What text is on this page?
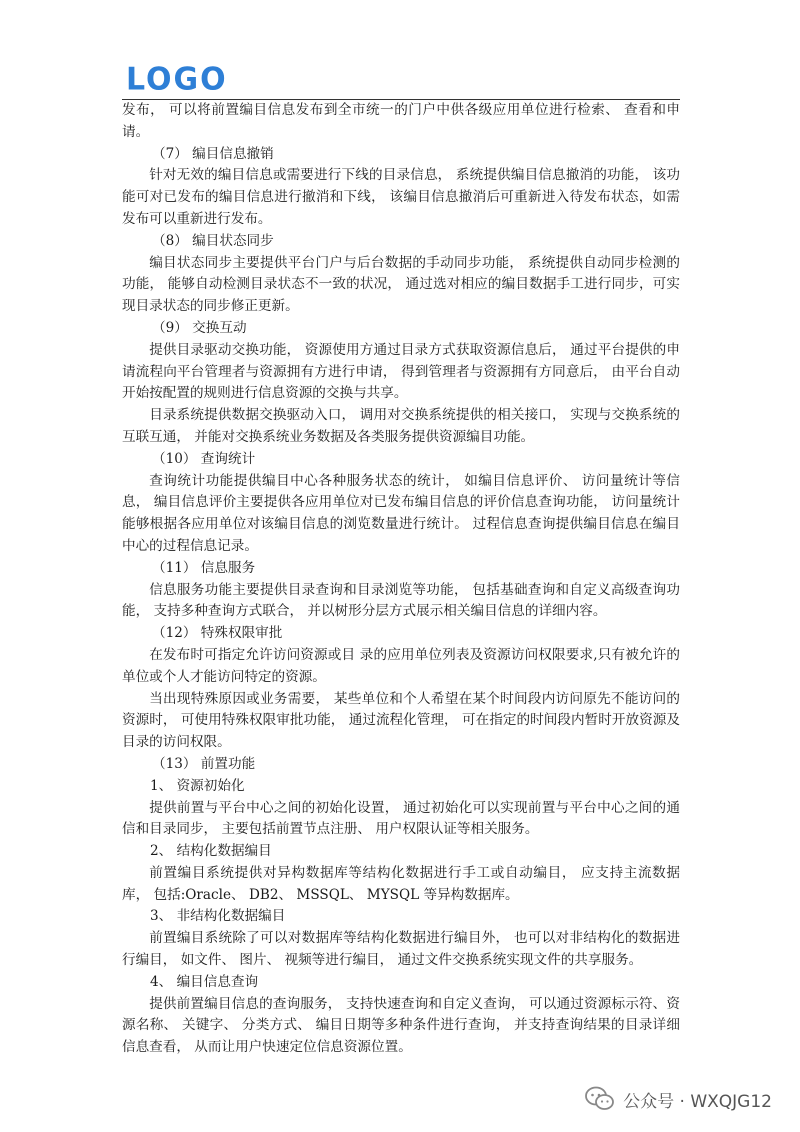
LOGO

发布， 可以将前置编目信息发布到全市统一的门户中供各级应用单位进行检索、 查看和申请。

（7） 编目信息撤销

针对无效的编目信息或需要进行下线的目录信息， 系统提供编目信息撤消的功能， 该功能可对已发布的编目信息进行撤消和下线， 该编目信息撤消后可重新进入待发布状态，如需发布可以重新进行发布。

（8） 编目状态同步

编目状态同步主要提供平台门户与后台数据的手动同步功能， 系统提供自动同步检测的功能， 能够自动检测目录状态不一致的状况， 通过选对相应的编目数据手工进行同步，可实现目录状态的同步修正更新。

（9） 交换互动

提供目录驱动交换功能， 资源使用方通过目录方式获取资源信息后， 通过平台提供的申请流程向平台管理者与资源拥有方进行申请， 得到管理者与资源拥有方同意后， 由平台自动开始按配置的规则进行信息资源的交换与共享。

目录系统提供数据交换驱动入口， 调用对交换系统提供的相关接口， 实现与交换系统的互联互通， 并能对交换系统业务数据及各类服务提供资源编目功能。

（10） 查询统计

查询统计功能提供编目中心各种服务状态的统计， 如编目信息评价、 访问量统计等信息， 编目信息评价主要提供各应用单位对已发布编目信息的评价信息查询功能， 访问量统计能够根据各应用单位对该编目信息的浏览数量进行统计。 过程信息查询提供编目信息在编目中心的过程信息记录。

（11） 信息服务

信息服务功能主要提供目录查询和目录浏览等功能， 包括基础查询和自定义高级查询功能， 支持多种查询方式联合， 并以树形分层方式展示相关编目信息的详细内容。

（12） 特殊权限审批

在发布时可指定允许访问资源或目 录的应用单位列表及资源访问权限要求,只有被允许的单位或个人才能访问特定的资源。

当出现特殊原因或业务需要， 某些单位和个人希望在某个时间段内访问原先不能访问的资源时， 可使用特殊权限审批功能， 通过流程化管理， 可在指定的时间段内暂时开放资源及目录的访问权限。

（13） 前置功能

1、 资源初始化

提供前置与平台中心之间的初始化设置， 通过初始化可以实现前置与平台中心之间的通信和目录同步， 主要包括前置节点注册、 用户权限认证等相关服务。

2、 结构化数据编目

前置编目系统提供对异构数据库等结构化数据进行手工或自动编目， 应支持主流数据库， 包括:Oracle、 DB2、 MSSQL、 MYSQL 等异构数据库。

3、 非结构化数据编目

前置编目系统除了可以对数据库等结构化数据进行编目外， 也可以对非结构化的数据进行编目， 如文件、 图片、 视频等进行编目， 通过文件交换系统实现文件的共享服务。

4、 编目信息查询

提供前置编目信息的查询服务， 支持快速查询和自定义查询， 可以通过资源标示符、资源名称、 关键字、 分类方式、 编目日期等多种条件进行查询， 并支持查询结果的目录详细信息查看， 从而让用户快速定位信息资源位置。

公众号 · WXQJG12
